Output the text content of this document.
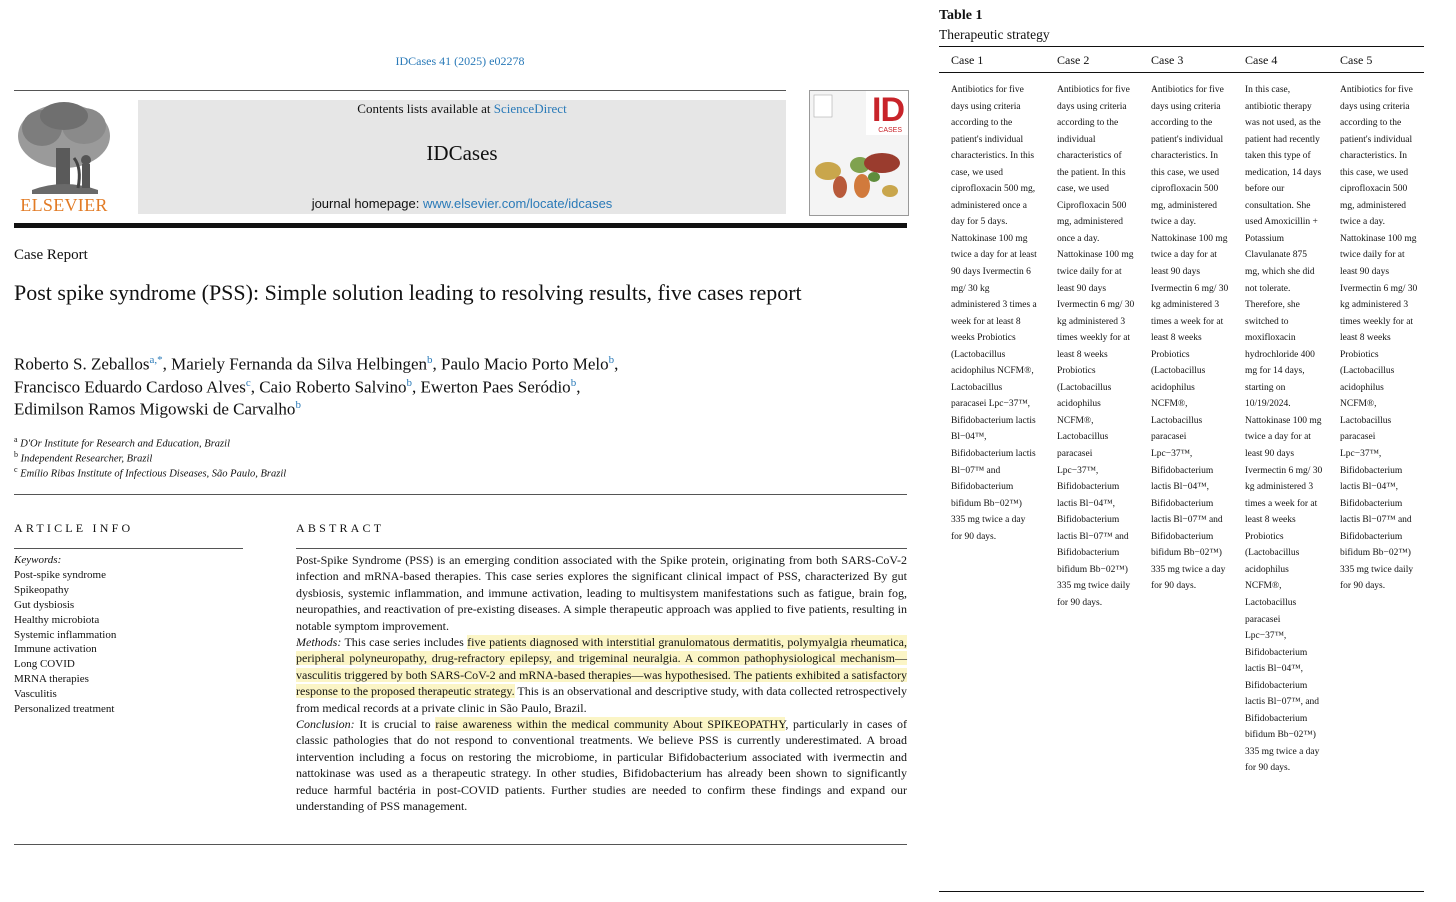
IDCases 41 (2025) e02278
ELSEVIER
Contents lists available at ScienceDirect
IDCases
journal homepage: www.elsevier.com/locate/idcases
ID
CASES
Case Report
Post spike syndrome (PSS): Simple solution leading to resolving results, five cases report
Roberto S. Zeballos$^{a,*}$, Mariely Fernanda da Silva Helbingen$^b$, Paulo Macio Porto Melo$^b$,
Francisco Eduardo Cardoso Alves$^c$, Caio Roberto Salvino$^b$, Ewerton Paes Seródio$^b$,
Edimilson Ramos Migowski de Carvalho$^b$
$^a$ D'Or Institute for Research and Education, Brazil
$^b$ Independent Researcher, Brazil
$^c$ Emílio Ribas Institute of Infectious Diseases, São Paulo, Brazil
ARTICLE INFO
Keywords:
Post-spike syndrome
Spikeopathy
Gut dysbiosis
Healthy microbiota
Systemic inflammation
Immune activation
Long COVID
MRNA therapies
Vasculitis
Personalized treatment
ABSTRACT

Post-Spike Syndrome (PSS) is an emerging condition associated with the Spike protein, originating from both SARS-CoV-2 infection and mRNA-based therapies. This case series explores the significant clinical impact of PSS, characterized By gut dysbiosis, systemic inflammation, and immune activation, leading to multisystem manifestations such as fatigue, brain fog, neuropathies, and reactivation of pre-existing diseases. A simple therapeutic approach was applied to five patients, resulting in notable symptom improvement.

Methods: This case series includes five patients diagnosed with interstitial granulomatous dermatitis, polymyalgia rheumatica, peripheral polyneuropathy, drug-refractory epilepsy, and trigeminal neuralgia. A common pathophysiological mechanism—vasculitis triggered by both SARS-CoV-2 and mRNA-based therapies—was hypothesised. The patients exhibited a satisfactory response to the proposed therapeutic strategy. This is an observational and descriptive study, with data collected retrospectively from medical records at a private clinic in São Paulo, Brazil.

Conclusion: It is crucial to raise awareness within the medical community About SPIKEOPATHY, particularly in cases of classic pathologies that do not respond to conventional treatments. We believe PSS is currently underestimated. A broad intervention including a focus on restoring the microbiome, in particular Bifidobacterium associated with ivermectin and nattokinase was used as a therapeutic strategy. In other studies, Bifidobacterium has already been shown to significantly reduce harmful bactéria in post-COVID patients. Further studies are needed to confirm these findings and expand our understanding of PSS management.

Table 1
Therapeutic strategy
Case 1	Case 2	Case 3	Case 4	Case 5
Antibiotics for five days using criteria according to the patient's individual characteristics. In this case, we used ciprofloxacin 500 mg, administered once a day for 5 days. Nattokinase 100 mg twice a day for at least 90 days Ivermectin 6 mg/ 30 kg administered 3 times a week for at least 8 weeks Probiotics (Lactobacillus acidophilus NCFM®, Lactobacillus paracasei Lpc−37™, Bifidobacterium lactis Bl−04™, Bifidobacterium lactis Bl−07™ and Bifidobacterium bifidum Bb−02™) 335 mg twice a day for 90 days.
Antibiotics for five days using criteria according to the individual characteristics of the patient. In this case, we used Ciprofloxacin 500 mg, administered once a day. Nattokinase 100 mg twice daily for at least 90 days Ivermectin 6 mg/ 30 kg administered 3 times weekly for at least 8 weeks Probiotics (Lactobacillus acidophilus NCFM®, Lactobacillus paracasei Lpc−37™, Bifidobacterium lactis Bl−04™, Bifidobacterium lactis Bl−07™ and Bifidobacterium bifidum Bb−02™) 335 mg twice daily for 90 days.
Antibiotics for five days using criteria according to the patient's individual characteristics. In this case, we used ciprofloxacin 500 mg, administered twice a day. Nattokinase 100 mg twice a day for at least 90 days Ivermectin 6 mg/ 30 kg administered 3 times a week for at least 8 weeks Probiotics (Lactobacillus acidophilus NCFM®, Lactobacillus paracasei Lpc−37™, Bifidobacterium lactis Bl−04™, Bifidobacterium lactis Bl−07™ and Bifidobacterium bifidum Bb−02™) 335 mg twice a day for 90 days.
In this case, antibiotic therapy was not used, as the patient had recently taken this type of medication, 14 days before our consultation. She used Amoxicillin + Potassium Clavulanate 875 mg, which she did not tolerate. Therefore, she switched to moxifloxacin hydrochloride 400 mg for 14 days, starting on 10/19/2024. Nattokinase 100 mg twice a day for at least 90 days Ivermectin 6 mg/ 30 kg administered 3 times a week for at least 8 weeks Probiotics (Lactobacillus acidophilus NCFM®, Lactobacillus paracasei Lpc−37™, Bifidobacterium lactis Bl−04™, Bifidobacterium lactis Bl−07™, and Bifidobacterium bifidum Bb−02™) 335 mg twice a day for 90 days.
Antibiotics for five days using criteria according to the patient's individual characteristics. In this case, we used ciprofloxacin 500 mg, administered twice a day. Nattokinase 100 mg twice daily for at least 90 days Ivermectin 6 mg/ 30 kg administered 3 times weekly for at least 8 weeks Probiotics (Lactobacillus acidophilus NCFM®, Lactobacillus paracasei Lpc−37™, Bifidobacterium lactis Bl−04™, Bifidobacterium lactis Bl−07™ and Bifidobacterium bifidum Bb−02™) 335 mg twice daily for 90 days.
